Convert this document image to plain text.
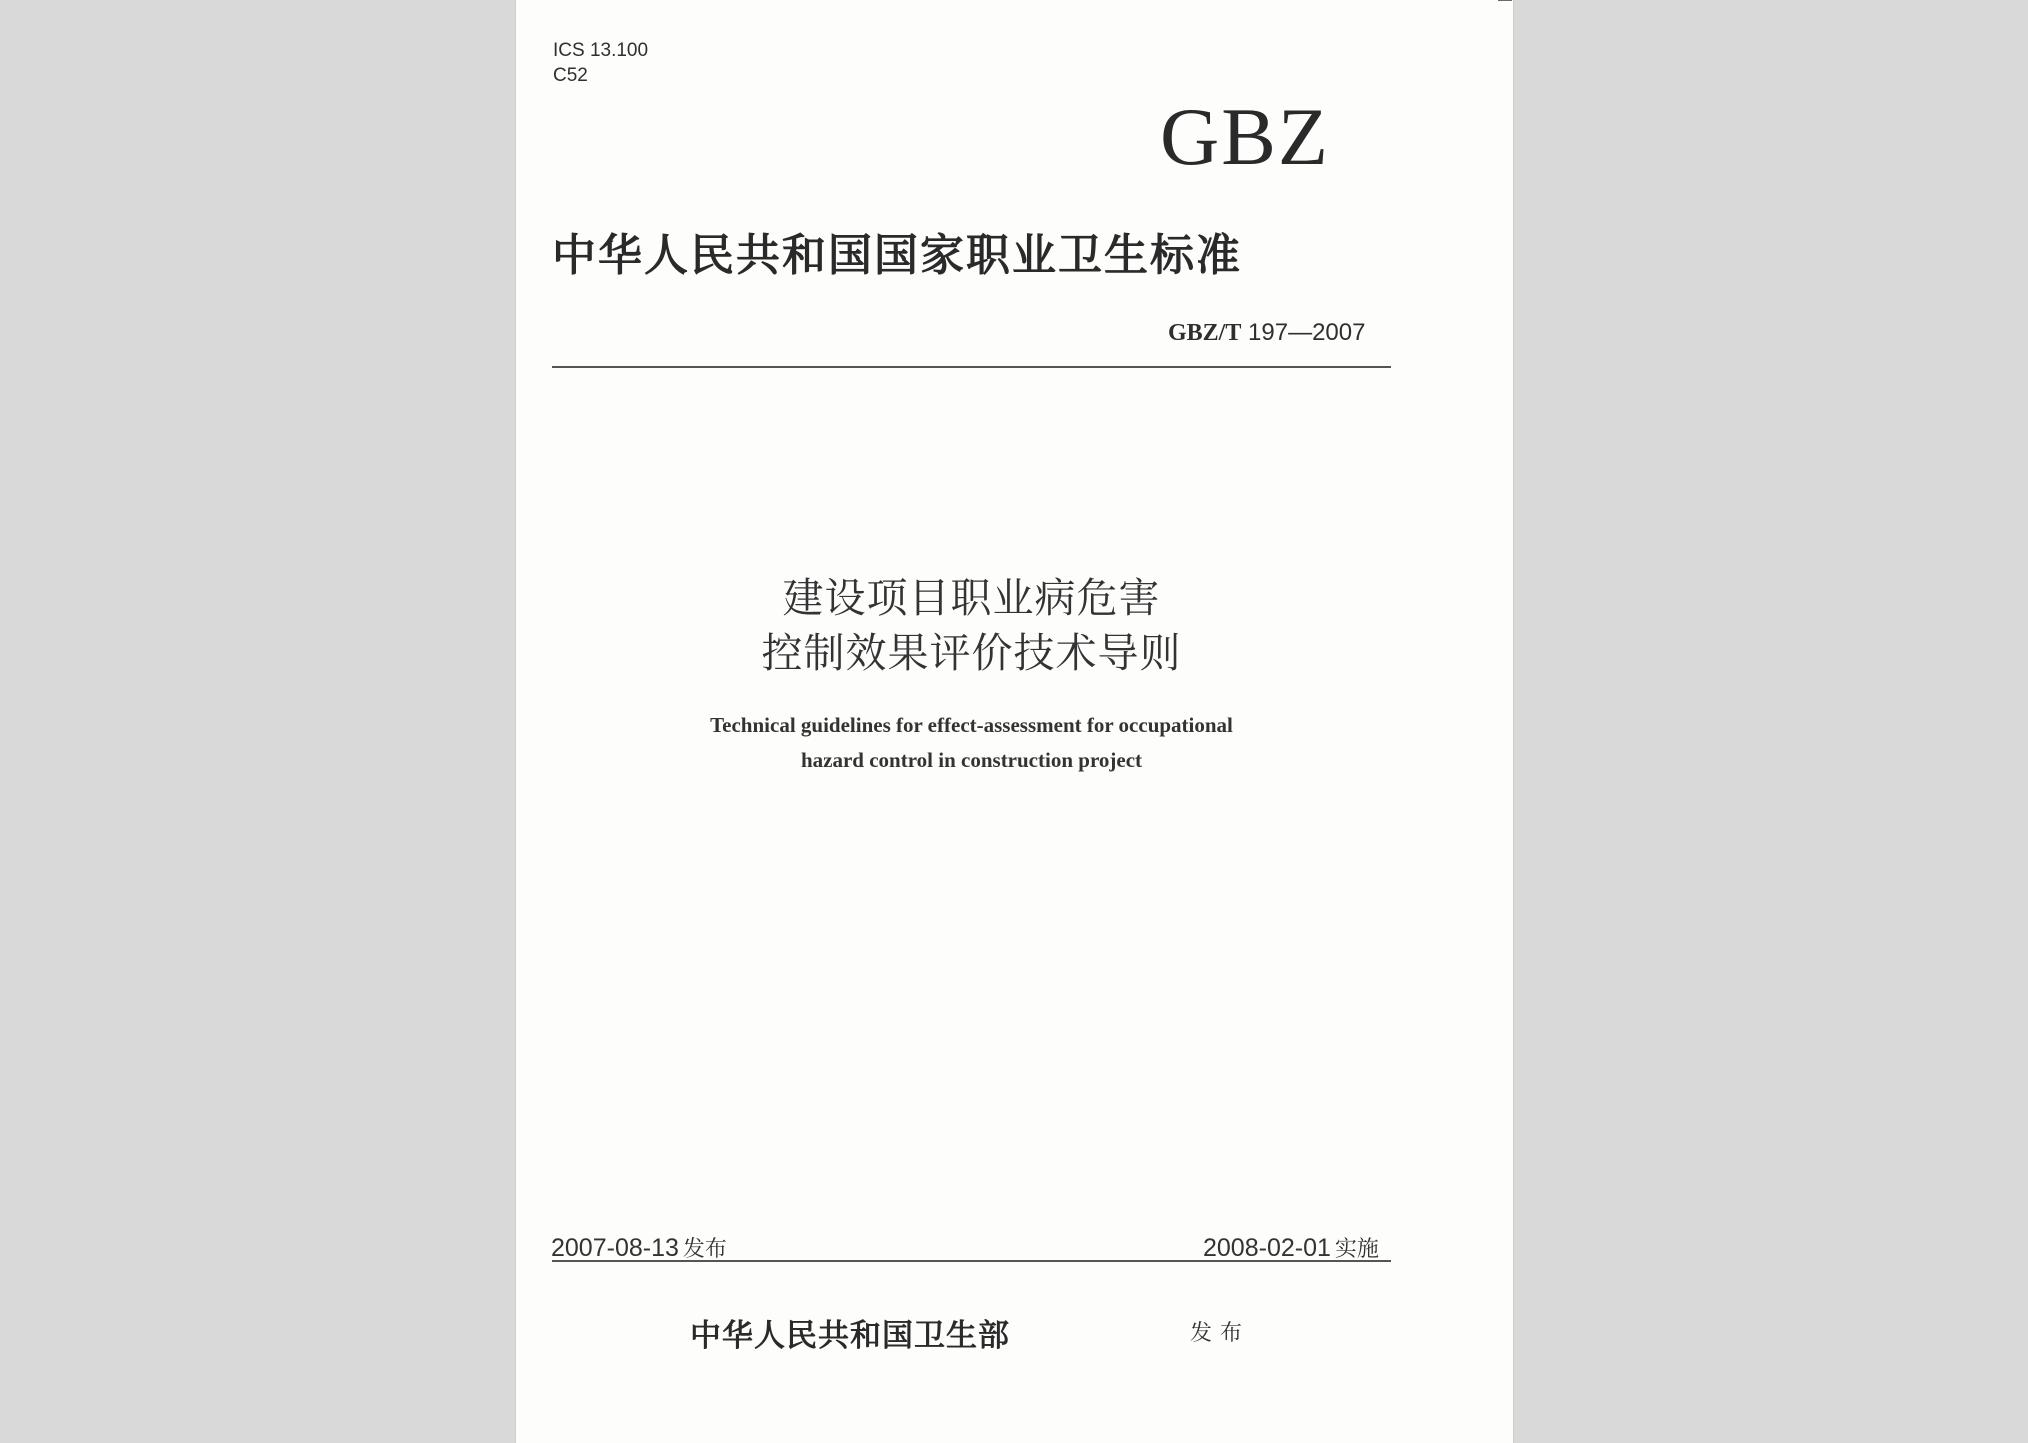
ICS 13.100
C52
GBZ
中华人民共和国国家职业卫生标准
GBZ/T 197—2007
建设项目职业病危害
控制效果评价技术导则
Technical guidelines for effect-assessment for occupational
hazard control in construction project
2007-08-13 发布	2008-02-01 实施
中华人民共和国卫生部	发布
